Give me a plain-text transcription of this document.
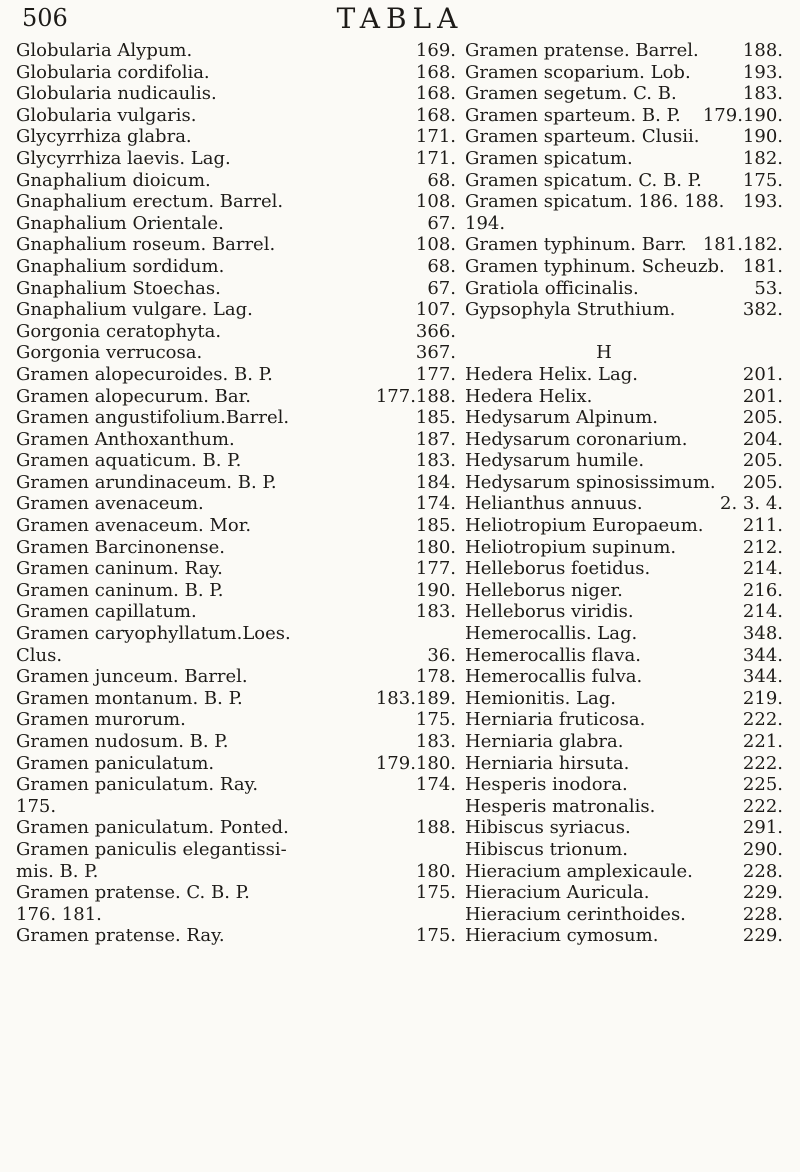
506	TABLA
Globularia Alypum.	169.
Globularia cordifolia.	168.
Globularia nudicaulis.	168.
Globularia vulgaris.	168.
Glycyrrhiza glabra.	171.
Glycyrrhiza laevis. Lag.	171.
Gnaphalium dioicum.	68.
Gnaphalium erectum. Barrel.	108.
Gnaphalium Orientale.	67.
Gnaphalium roseum. Barrel.	108.
Gnaphalium sordidum.	68.
Gnaphalium Stoechas.	67.
Gnaphalium vulgare. Lag.	107.
Gorgonia ceratophyta.	366.
Gorgonia verrucosa.	367.
Gramen alopecuroides. B. P.	177.
Gramen alopecurum. Bar.	177.188.
Gramen angustifolium.Barrel.	185.
Gramen Anthoxanthum.	187.
Gramen aquaticum. B. P.	183.
Gramen arundinaceum. B. P.	184.
Gramen avenaceum.	174.
Gramen avenaceum. Mor.	185.
Gramen Barcinonense.	180.
Gramen caninum. Ray.	177.
Gramen caninum. B. P.	190.
Gramen capillatum.	183.
Gramen caryophyllatum.Loes.
Clus.	36.
Gramen junceum. Barrel.	178.
Gramen montanum. B. P.	183.189.
Gramen murorum.	175.
Gramen nudosum. B. P.	183.
Gramen paniculatum.	179.180.
Gramen paniculatum. Ray.	174.
175.
Gramen paniculatum. Ponted.	188.
Gramen paniculis elegantissi-
mis. B. P.	180.
Gramen pratense. C. B. P.	175.
176. 181.
Gramen pratense. Ray.	175.
Gramen pratense. Barrel.	188.
Gramen scoparium. Lob.	193.
Gramen segetum. C. B.	183.
Gramen sparteum. B. P.	179.190.
Gramen sparteum. Clusii.	190.
Gramen spicatum.	182.
Gramen spicatum. C. B. P.	175.
Gramen spicatum. 186. 188.	193.
194.
Gramen typhinum. Barr. 181.182.
Gramen typhinum. Scheuzb.	181.
Gratiola officinalis.	53.
Gypsophyla Struthium.	382.
H
Hedera Helix. Lag.	201.
Hedera Helix.	201.
Hedysarum Alpinum.	205.
Hedysarum coronarium.	204.
Hedysarum humile.	205.
Hedysarum spinosissimum.	205.
Helianthus annuus.	2. 3. 4.
Heliotropium Europaeum.	211.
Heliotropium supinum.	212.
Helleborus foetidus.	214.
Helleborus niger.	216.
Helleborus viridis.	214.
Hemerocallis. Lag.	348.
Hemerocallis flava.	344.
Hemerocallis fulva.	344.
Hemionitis. Lag.	219.
Herniaria fruticosa.	222.
Herniaria glabra.	221.
Herniaria hirsuta.	222.
Hesperis inodora.	225.
Hesperis matronalis.	222.
Hibiscus syriacus.	291.
Hibiscus trionum.	290.
Hieracium amplexicaule.	228.
Hieracium Auricula.	229.
Hieracium cerinthoides.	228.
Hieracium cymosum.	229.
